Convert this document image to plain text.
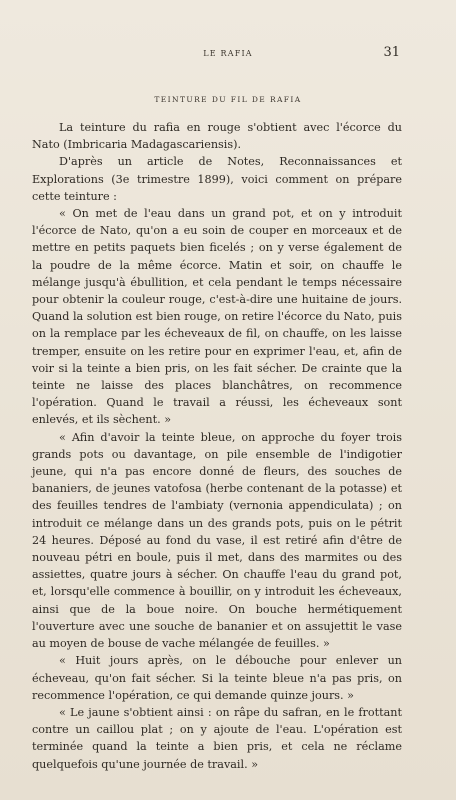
LE RAFIA	31
TEINTURE DU FIL DE RAFIA

La teinture du rafia en rouge s'obtient avec l'écorce du Nato (Imbricaria Madagascariensis).

D'après un article de Notes, Reconnaissances et Explorations (3e trimestre 1899), voici comment on prépare cette teinture :

« On met de l'eau dans un grand pot, et on y introduit l'écorce de Nato, qu'on a eu soin de couper en morceaux et de mettre en petits paquets bien ficelés ; on y verse également de la poudre de la même écorce. Matin et soir, on chauffe le mélange jusqu'à ébullition, et cela pendant le temps nécessaire pour obtenir la couleur rouge, c'est-à-dire une huitaine de jours. Quand la solution est bien rouge, on retire l'écorce du Nato, puis on la remplace par les écheveaux de fil, on chauffe, on les laisse tremper, ensuite on les retire pour en exprimer l'eau, et, afin de voir si la teinte a bien pris, on les fait sécher. De crainte que la teinte ne laisse des places blanchâtres, on recommence l'opération. Quand le travail a réussi, les écheveaux sont enlevés, et ils sèchent. »

« Afin d'avoir la teinte bleue, on approche du foyer trois grands pots ou davantage, on pile ensemble de l'indigotier jeune, qui n'a pas encore donné de fleurs, des souches de bananiers, de jeunes vatofosa (herbe contenant de la potasse) et des feuilles tendres de l'ambiaty (vernonia appendiculata) ; on introduit ce mélange dans un des grands pots, puis on le pétrit 24 heures. Déposé au fond du vase, il est retiré afin d'être de nouveau pétri en boule, puis il met, dans des marmites ou des assiettes, quatre jours à sécher. On chauffe l'eau du grand pot, et, lorsqu'elle commence à bouillir, on y introduit les écheveaux, ainsi que de la boue noire. On bouche hermétiquement l'ouverture avec une souche de bananier et on assujettit le vase au moyen de bouse de vache mélangée de feuilles. »

« Huit jours après, on le débouche pour enlever un écheveau, qu'on fait sécher. Si la teinte bleue n'a pas pris, on recommence l'opération, ce qui demande quinze jours. »

« Le jaune s'obtient ainsi : on râpe du safran, en le frottant contre un caillou plat ; on y ajoute de l'eau. L'opération est terminée quand la teinte a bien pris, et cela ne réclame quelquefois qu'une journée de travail. »
